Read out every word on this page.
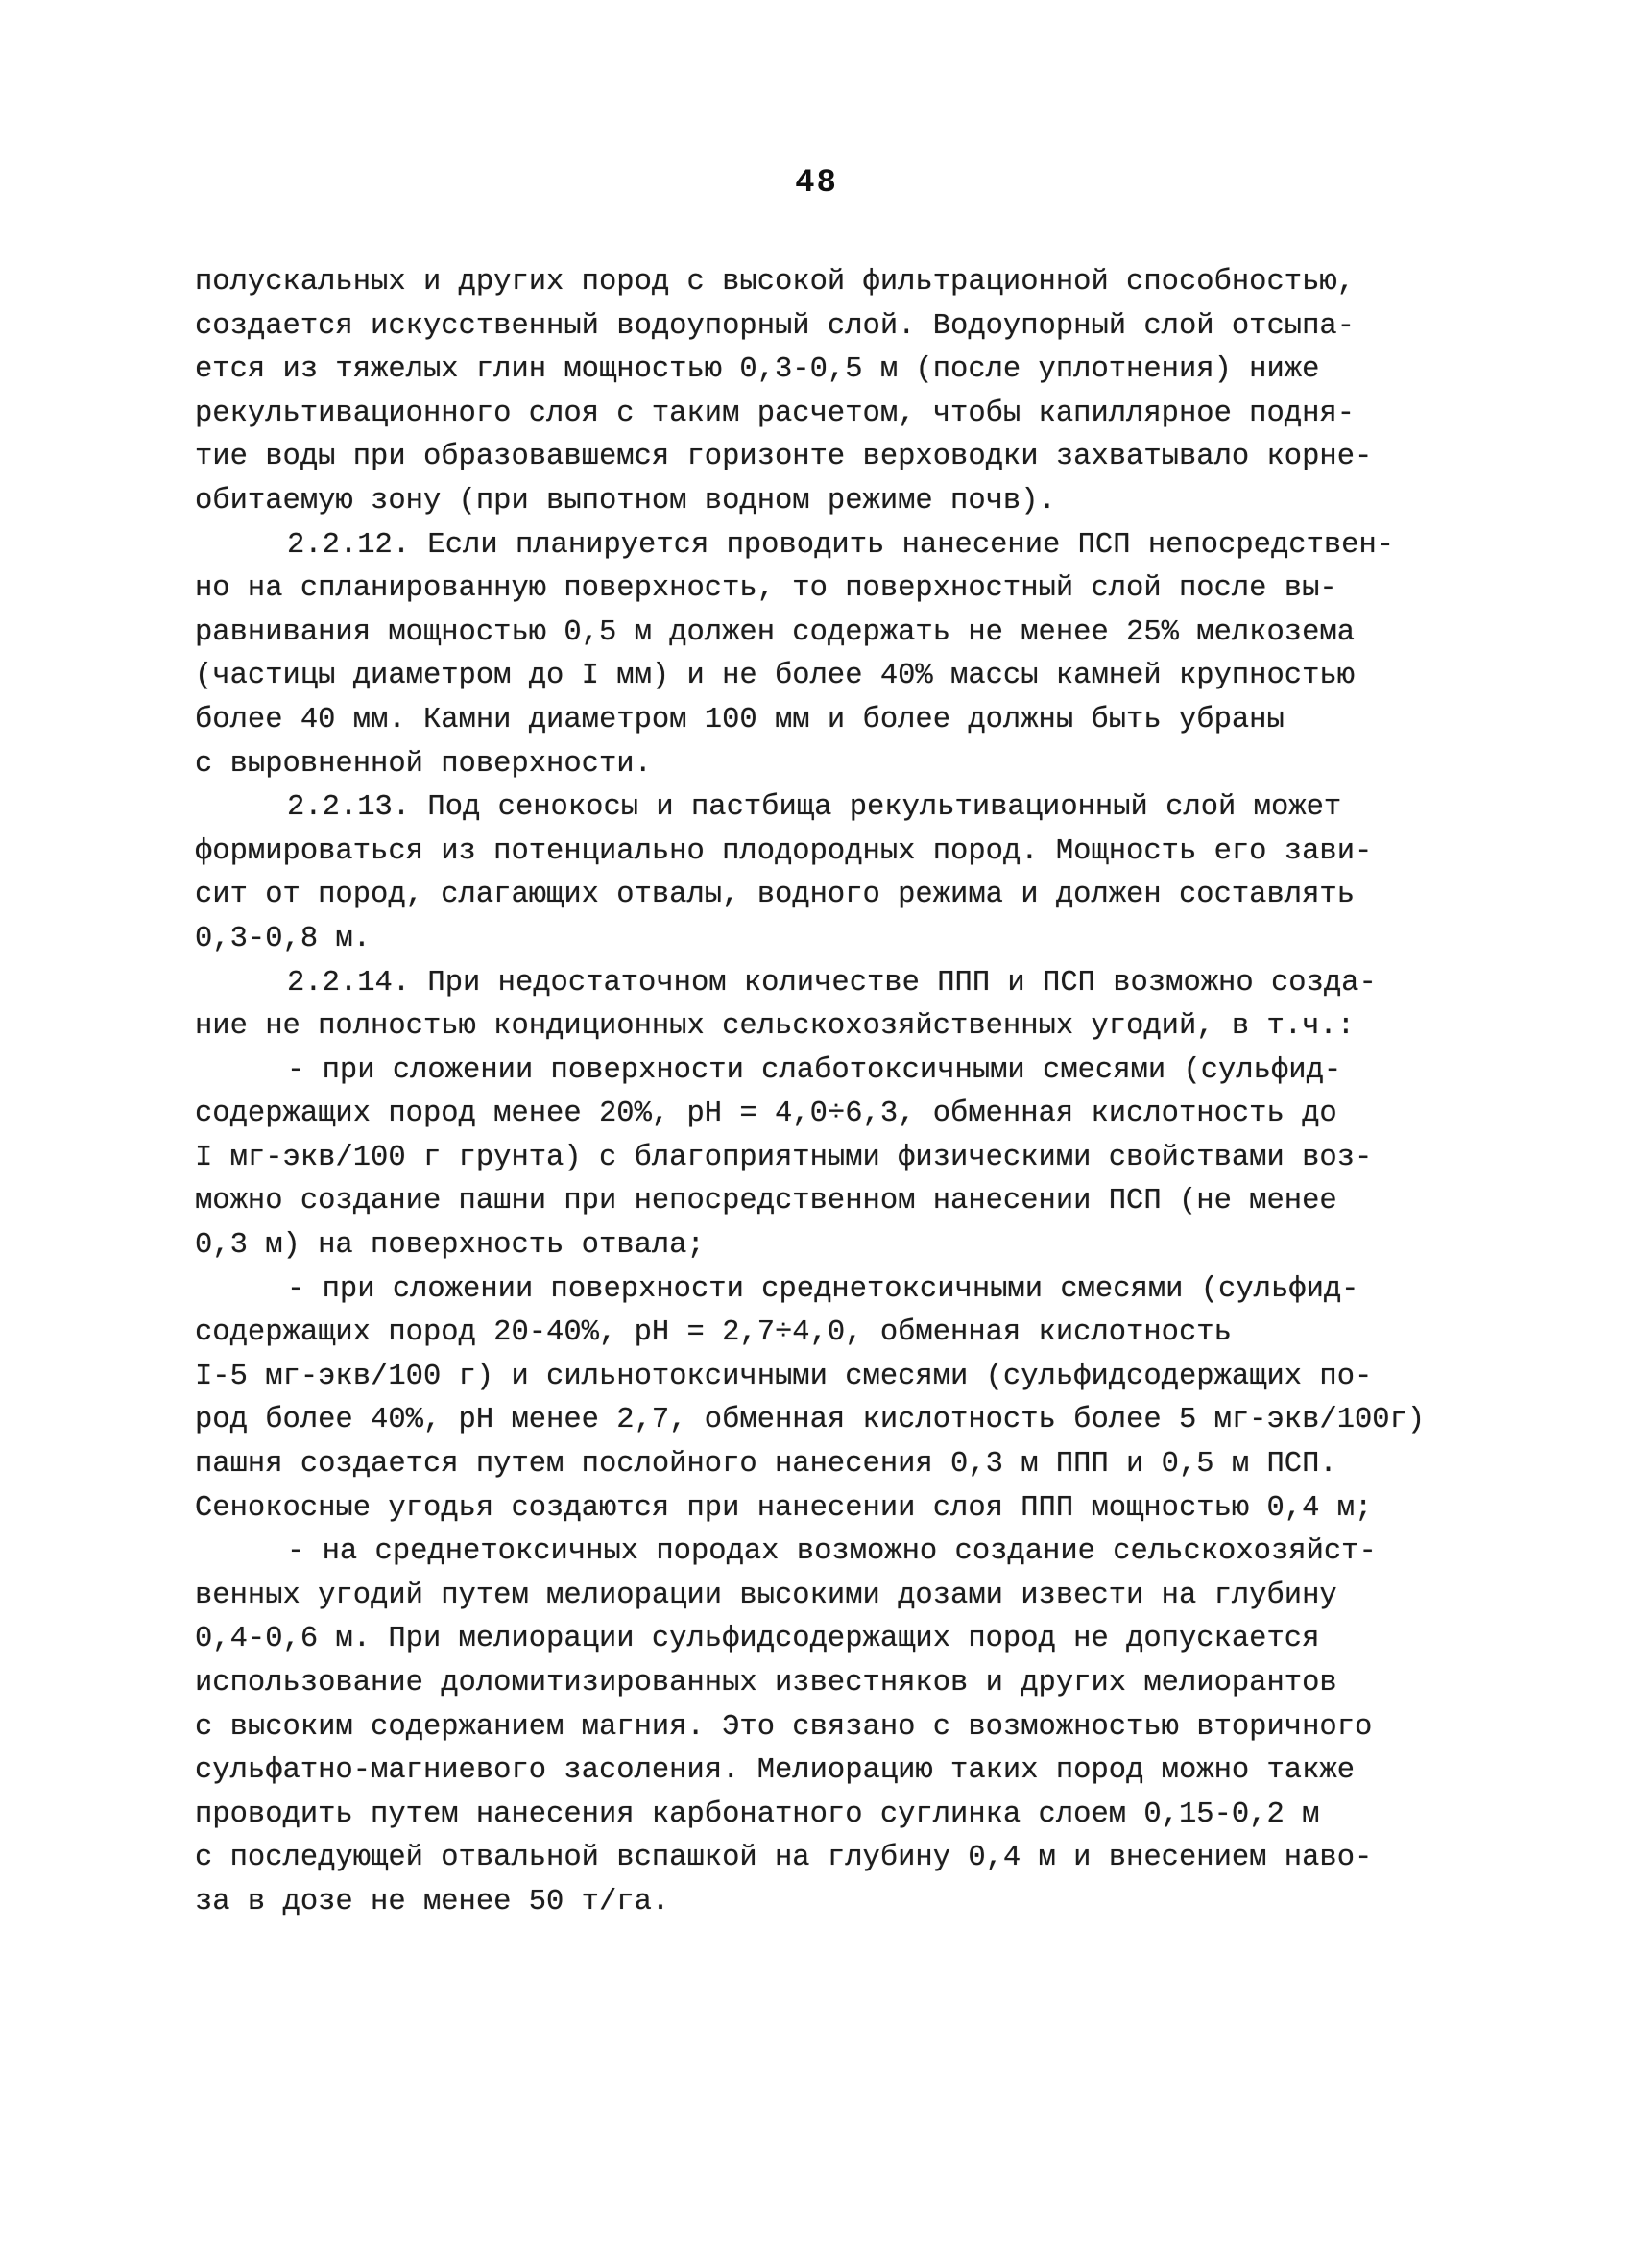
48
полускальных и других пород с высокой фильтрационной способностью,
создается искусственный водоупорный слой. Водоупорный слой отсыпа-
ется из тяжелых глин мощностью 0,3-0,5 м (после уплотнения) ниже
рекультивационного слоя с таким расчетом, чтобы капиллярное подня-
тие воды при образовавшемся горизонте верховодки захватывало корне-
обитаемую зону (при выпотном водном режиме почв).
2.2.12. Если планируется проводить нанесение ПСП непосредствен-
но на спланированную поверхность, то поверхностный слой после вы-
равнивания мощностью 0,5 м должен содержать не менее 25% мелкозема
(частицы диаметром до I мм) и не более 40% массы камней крупностью
более 40 мм. Камни диаметром 100 мм и более должны быть убраны
с выровненной поверхности.
2.2.13. Под сенокосы и пастбища рекультивационный слой может
формироваться из потенциально плодородных пород. Мощность его зави-
сит от пород, слагающих отвалы, водного режима и должен составлять
0,3-0,8 м.
2.2.14. При недостаточном количестве ППП и ПСП возможно созда-
ние не полностью кондиционных сельскохозяйственных угодий, в т.ч.:
- при сложении поверхности слаботоксичными смесями (сульфид-
содержащих пород менее 20%, рН = 4,0÷6,3, обменная кислотность до
I мг-экв/100 г грунта) с благоприятными физическими свойствами воз-
можно создание пашни при непосредственном нанесении ПСП (не менее
0,3 м) на поверхность отвала;
- при сложении поверхности среднетоксичными смесями (сульфид-
содержащих пород 20-40%, рН = 2,7÷4,0, обменная кислотность
I-5 мг-экв/100 г) и сильнотоксичными смесями (сульфидсодержащих по-
род более 40%, рН менее 2,7, обменная кислотность более 5 мг-экв/100г)
пашня создается путем послойного нанесения 0,3 м ППП и 0,5 м ПСП.
Сенокосные угодья создаются при нанесении слоя ППП мощностью 0,4 м;
- на среднетоксичных породах возможно создание сельскохозяйст-
венных угодий путем мелиорации высокими дозами извести на глубину
0,4-0,6 м. При мелиорации сульфидсодержащих пород не допускается
использование доломитизированных известняков и других мелиорантов
с высоким содержанием магния. Это связано с возможностью вторичного
сульфатно-магниевого засоления. Мелиорацию таких пород можно также
проводить путем нанесения карбонатного суглинка слоем 0,15-0,2 м
с последующей отвальной вспашкой на глубину 0,4 м и внесением наво-
за в дозе не менее 50 т/га.
